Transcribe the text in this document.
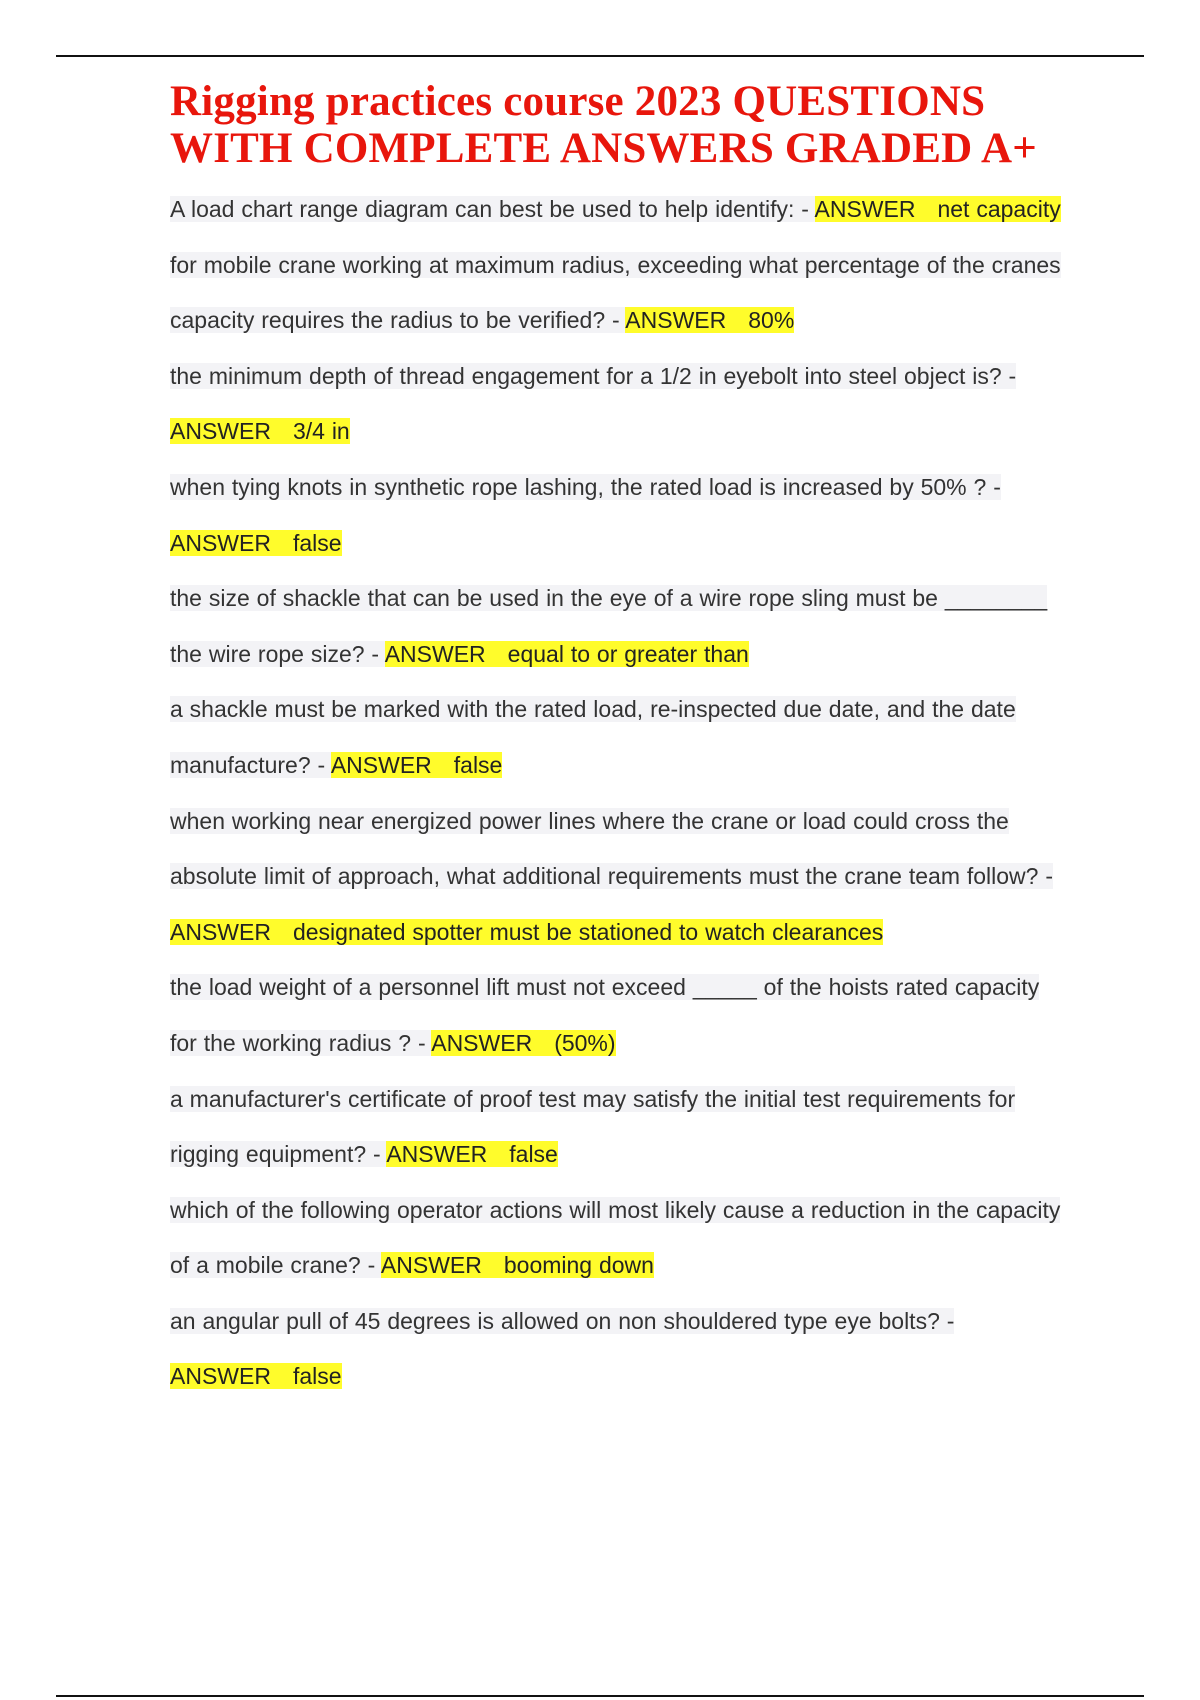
Rigging practices course 2023 QUESTIONS WITH COMPLETE ANSWERS GRADED A+

A load chart range diagram can best be used to help identify: - ANSWER net capacity

for mobile crane working at maximum radius, exceeding what percentage of the cranes capacity requires the radius to be verified? - ANSWER 80%

the minimum depth of thread engagement for a 1/2 in eyebolt into steel object is? - ANSWER 3/4 in

when tying knots in synthetic rope lashing, the rated load is increased by 50% ? - ANSWER false

the size of shackle that can be used in the eye of a wire rope sling must be ________ the wire rope size? - ANSWER equal to or greater than

a shackle must be marked with the rated load, re-inspected due date, and the date manufacture? - ANSWER false

when working near energized power lines where the crane or load could cross the absolute limit of approach, what additional requirements must the crane team follow? - ANSWER designated spotter must be stationed to watch clearances

the load weight of a personnel lift must not exceed _____ of the hoists rated capacity for the working radius ? - ANSWER (50%)

a manufacturer's certificate of proof test may satisfy the initial test requirements for rigging equipment? - ANSWER false

which of the following operator actions will most likely cause a reduction in the capacity of a mobile crane? - ANSWER booming down

an angular pull of 45 degrees is allowed on non shouldered type eye bolts? - ANSWER false
